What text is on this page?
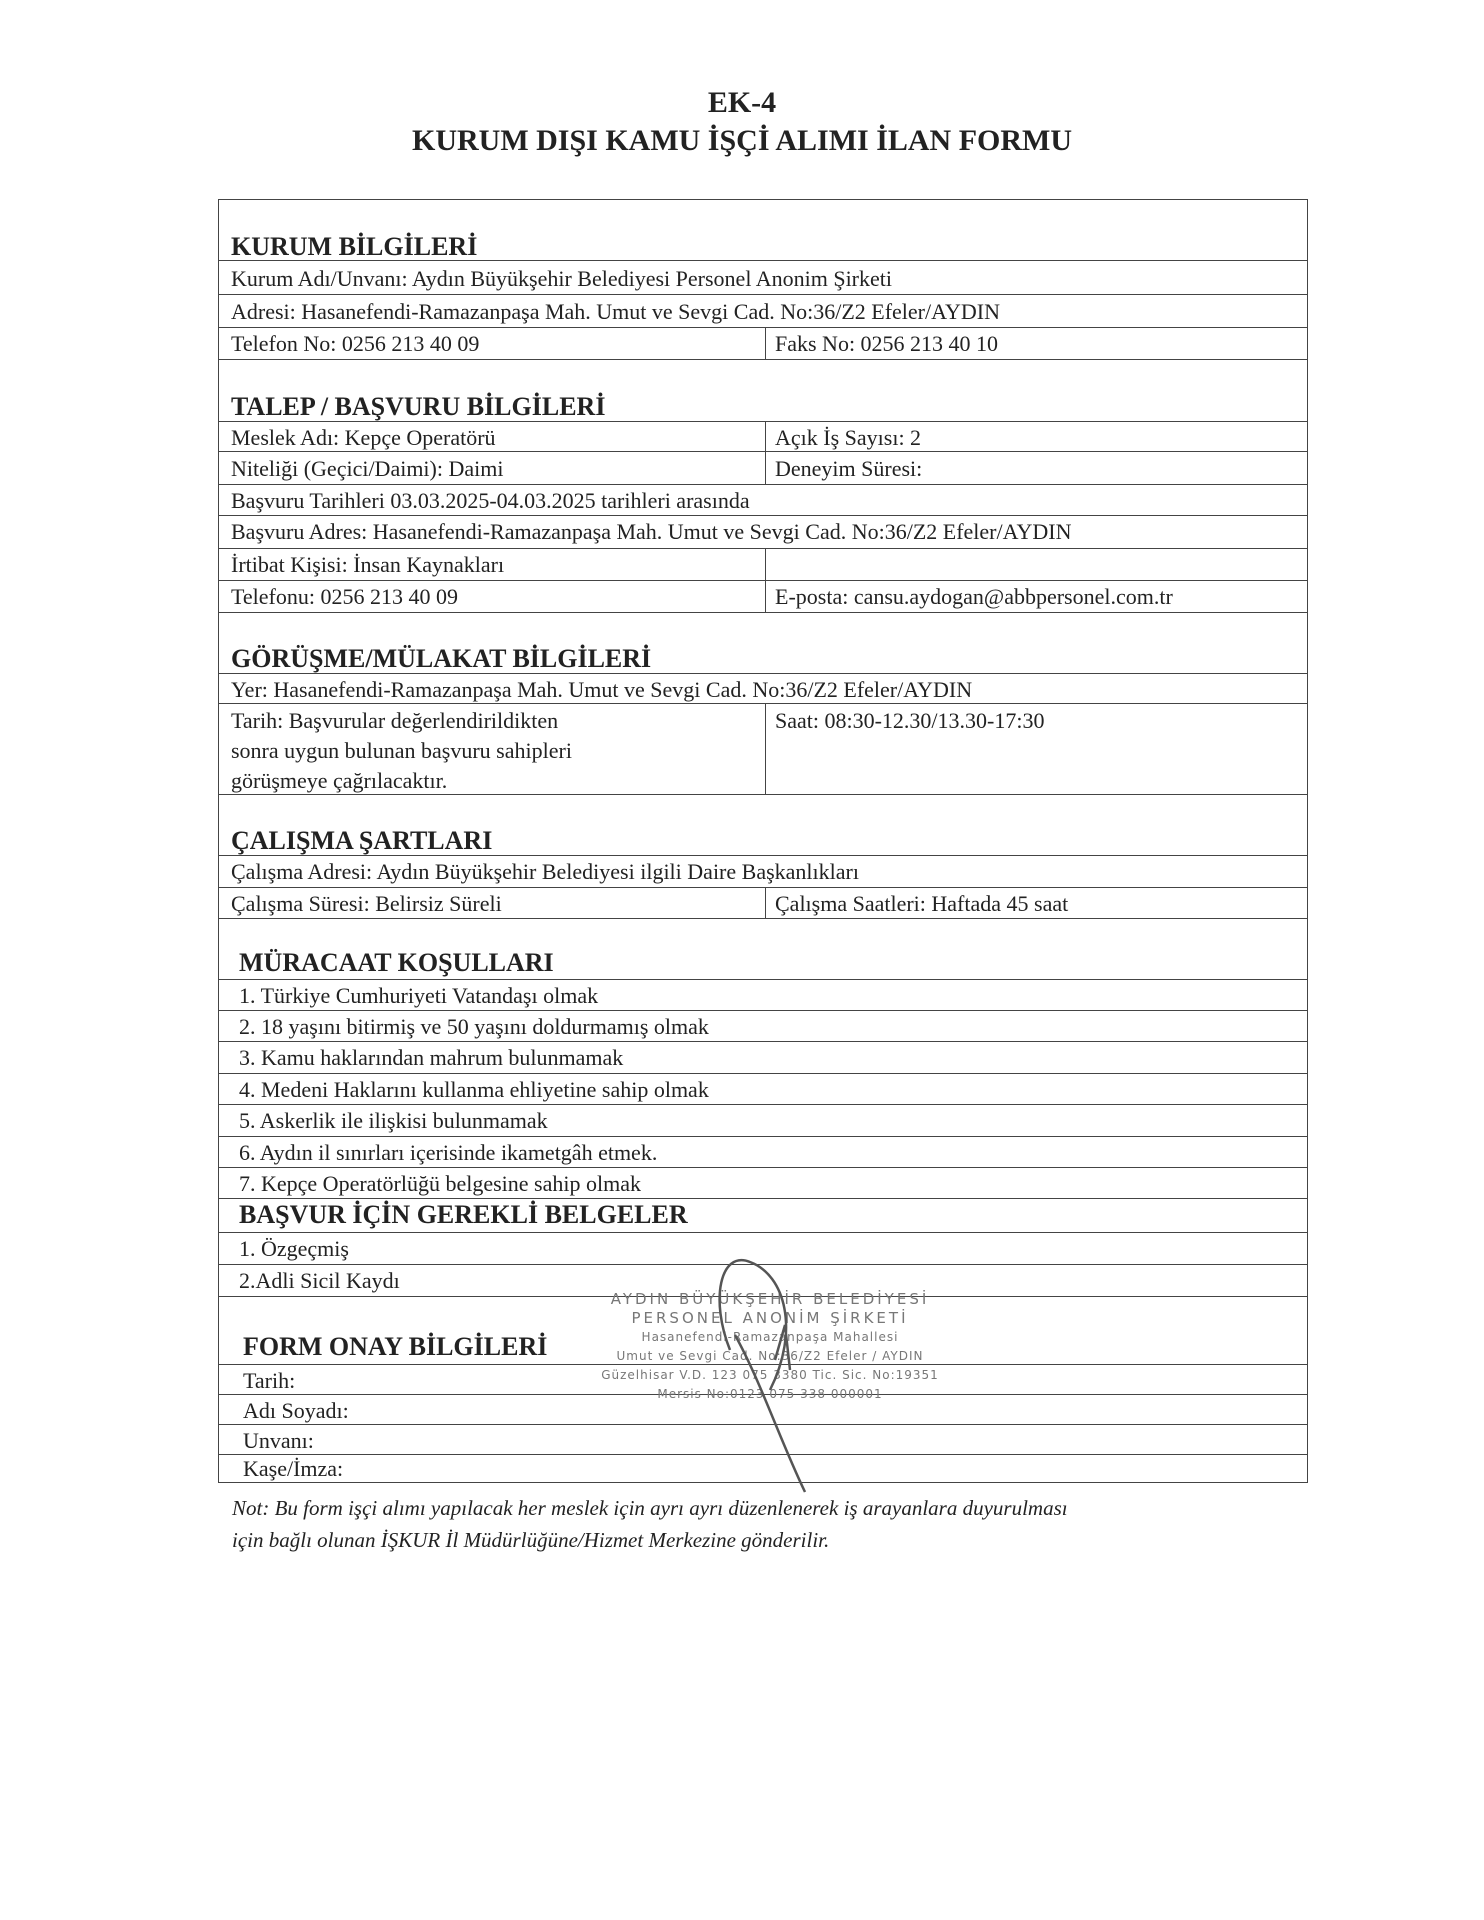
EK-4
KURUM DIŞI KAMU İŞÇİ ALIMI İLAN FORMU
KURUM BİLGİLERİ
Kurum Adı/Unvanı: Aydın Büyükşehir Belediyesi Personel Anonim Şirketi
Adresi: Hasanefendi-Ramazanpaşa Mah. Umut ve Sevgi Cad. No:36/Z2 Efeler/AYDIN
Telefon No: 0256 213 40 09	Faks No: 0256 213 40 10
TALEP / BAŞVURU BİLGİLERİ
Meslek Adı: Kepçe Operatörü	Açık İş Sayısı: 2
Niteliği (Geçici/Daimi): Daimi	Deneyim Süresi:
Başvuru Tarihleri 03.03.2025-04.03.2025 tarihleri arasında
Başvuru Adres: Hasanefendi-Ramazanpaşa Mah. Umut ve Sevgi Cad. No:36/Z2 Efeler/AYDIN
İrtibat Kişisi: İnsan Kaynakları
Telefonu: 0256 213 40 09	E-posta: cansu.aydogan@abbpersonel.com.tr
GÖRÜŞME/MÜLAKAT BİLGİLERİ
Yer: Hasanefendi-Ramazanpaşa Mah. Umut ve Sevgi Cad. No:36/Z2 Efeler/AYDIN
Tarih: Başvurular değerlendirildikten
sonra uygun bulunan başvuru sahipleri
görüşmeye çağrılacaktır.
Saat: 08:30-12.30/13.30-17:30
ÇALIŞMA ŞARTLARI
Çalışma Adresi: Aydın Büyükşehir Belediyesi ilgili Daire Başkanlıkları
Çalışma Süresi: Belirsiz Süreli	Çalışma Saatleri: Haftada 45 saat
MÜRACAAT KOŞULLARI
1. Türkiye Cumhuriyeti Vatandaşı olmak
2. 18 yaşını bitirmiş ve 50 yaşını doldurmamış olmak
3. Kamu haklarından mahrum bulunmamak
4. Medeni Haklarını kullanma ehliyetine sahip olmak
5. Askerlik ile ilişkisi bulunmamak
6. Aydın il sınırları içerisinde ikametgâh etmek.
7. Kepçe Operatörlüğü belgesine sahip olmak
BAŞVUR İÇİN GEREKLİ BELGELER
1. Özgeçmiş
2.Adli Sicil Kaydı
FORM ONAY BİLGİLERİ
Tarih:
Adı Soyadı:
Unvanı:
Kaşe/İmza:
AYDIN BÜYÜKŞEHİR BELEDİYESİ
PERSONEL ANONİM ŞİRKETİ
Hasanefendi-Ramazanpaşa Mahallesi
Umut ve Sevgi Cad. No:36/Z2 Efeler / AYDIN
Güzelhisar V.D. 123 075 3380 Tic. Sic. No:19351
Mersis No:0123 075 338 000001
Not: Bu form işçi alımı yapılacak her meslek için ayrı ayrı düzenlenerek iş arayanlara duyurulması
için bağlı olunan İŞKUR İl Müdürlüğüne/Hizmet Merkezine gönderilir.
